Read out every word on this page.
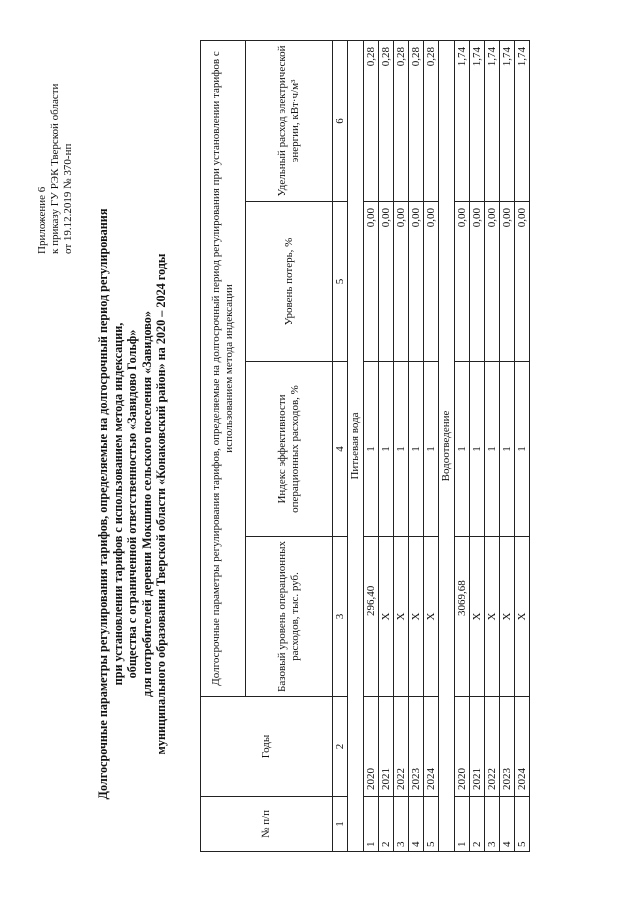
Приложение 6 к приказу ГУ РЭК Тверской области от 19.12.2019 № 370-нп
Долгосрочные параметры регулирования тарифов, определяемые на долгосрочный период регулирования при установлении тарифов с использованием метода индексации, общества с ограниченной ответственностью «Завидово Гольф» для потребителей деревни Мокшино сельского поселения «Завидово» муниципального образования Тверской области «Конаковский район» на 2020 – 2024 годы
№ п/п	Годы	Долгосрочные параметры регулирования тарифов, определяемые на долгосрочный период регулирования при установлении тарифов с использованием метода индексации			
		Базовый уровень операционных расходов, тыс. руб.	Индекс эффективности операционных расходов, %	Уровень потерь, %	Удельный расход электрической энергии, кВт·ч/м³
1	2	3	4	5	6
Питьевая вода					
1	2020	296,40	1	0,00	0,28
2	2021	X	1	0,00	0,28
3	2022	X	1	0,00	0,28
4	2023	X	1	0,00	0,28
5	2024	X	1	0,00	0,28
Водоотведение					
1	2020	3069,68	1	0,00	1,74
2	2021	X	1	0,00	1,74
3	2022	X	1	0,00	1,74
4	2023	X	1	0,00	1,74
5	2024	X	1	0,00	1,74
